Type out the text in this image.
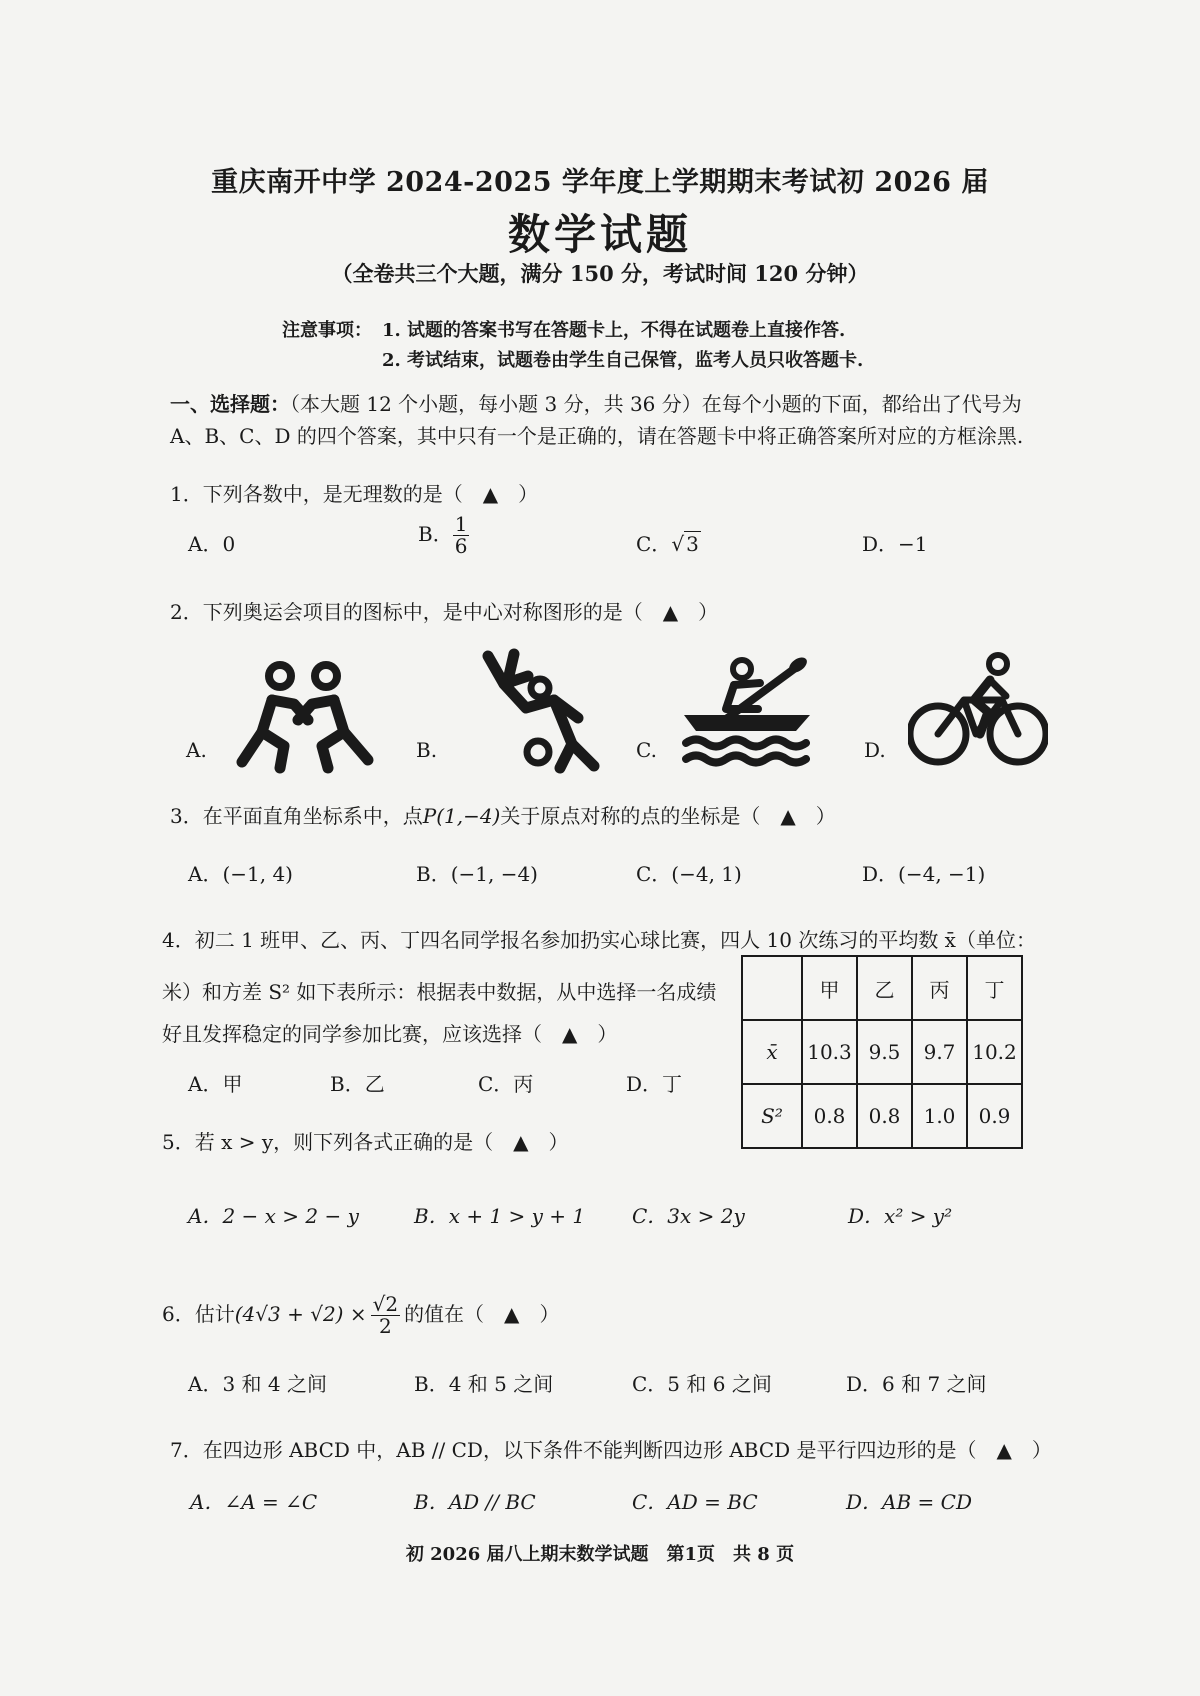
重庆南开中学 2024-2025 学年度上学期期末考试初 2026 届
数学试题
（全卷共三个大题，满分 150 分，考试时间 120 分钟）
注意事项： 1. 试题的答案书写在答题卡上，不得在试题卷上直接作答.
2. 考试结束，试题卷由学生自己保管，监考人员只收答题卡.
一、选择题：（本大题 12 个小题，每小题 3 分，共 36 分）在每个小题的下面，都给出了代号为
A、B、C、D 的四个答案，其中只有一个是正确的，请在答题卡中将正确答案所对应的方框涂黑.
1．下列各数中，是无理数的是（　▲　）
A．0	B． $\frac{1}{6}$	C．√ 3	D．−1
2．下列奥运会项目的图标中，是中心对称图形的是（　▲　）
A.	B.	C.	D.
3．在平面直角坐标系中，点P(1,−4)关于原点对称的点的坐标是（　▲　）
A．(−1, 4)	B．(−1, −4)	C．(−4, 1)	D．(−4, −1)
4．初二 1 班甲、乙、丙、丁四名同学报名参加扔实心球比赛，四人 10 次练习的平均数 x̄（单位：
米）和方差 S² 如下表所示：根据表中数据，从中选择一名成绩
好且发挥稳定的同学参加比赛，应该选择（　▲　）
A．甲	B．乙	C．丙	D．丁
	甲	乙	丙	丁
x̄	10.3	9.5	9.7	10.2
S²	0.8	0.8	1.0	0.9
5．若 x > y，则下列各式正确的是（　▲　）
A．2 − x > 2 − y	B．x + 1 > y + 1 C．3x > 2y	D．x² > y²
6．估计$(4√3 + √2) \times \frac{√2}{2}$ 的值在（　▲　）
A．3 和 4 之间	B．4 和 5 之间	C．5 和 6 之间	D．6 和 7 之间
7．在四边形 ABCD 中，AB // CD，以下条件不能判断四边形 ABCD 是平行四边形的是（　▲　）
A．∠A = ∠C	B．AD // BC	C．AD = BC	D．AB = CD
初 2026 届八上期末数学试题　第1页　共 8 页
